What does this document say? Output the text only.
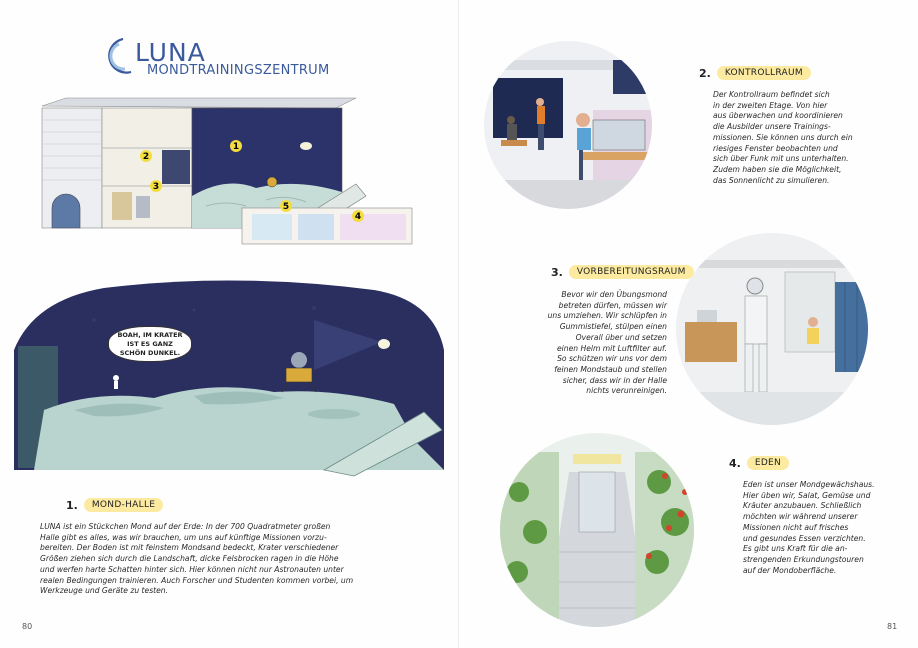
LUNA
MONDTRAININGSZENTRUM
1
2
3
4
5
BOAH, IM KRATER IST ES GANZ SCHÖN DUNKEL.
1.	MOND-HALLE

LUNA ist ein Stückchen Mond auf der Erde: In der 700 Quadratmeter großen

Halle gibt es alles, was wir brauchen, um uns auf künftige Missionen vorzu-

bereiten. Der Boden ist mit feinstem Mondsand bedeckt, Krater verschiedener

Größen ziehen sich durch die Landschaft, dicke Felsbrocken ragen in die Höhe

und werfen harte Schatten hinter sich. Hier können nicht nur Astronauten unter

realen Bedingungen trainieren. Auch Forscher und Studenten kommen vorbei, um

Werkzeuge und Geräte zu testen.

80
2.	KONTROLLRAUM

Der Kontrollraum befindet sich

in der zweiten Etage. Von hier

aus überwachen und koordinieren

die Ausbilder unsere Trainings-

missionen. Sie können uns durch ein

riesiges Fenster beobachten und

sich über Funk mit uns unterhalten.

Zudem haben sie die Möglichkeit,

das Sonnenlicht zu simulieren.

3.	VORBEREITUNGSRAUM

Bevor wir den Übungsmond

betreten dürfen, müssen wir

uns umziehen. Wir schlüpfen in

Gummistiefel, stülpen einen

Overall über und setzen

einen Helm mit Luftfilter auf.

So schützen wir uns vor dem

feinen Mondstaub und stellen

sicher, dass wir in der Halle

nichts verunreinigen.

4.	EDEN

Eden ist unser Mondgewächshaus.

Hier üben wir, Salat, Gemüse und

Kräuter anzubauen. Schließlich

möchten wir während unserer

Missionen nicht auf frisches

und gesundes Essen verzichten.

Es gibt uns Kraft für die an-

strengenden Erkundungstouren

auf der Mondoberfläche.

81
